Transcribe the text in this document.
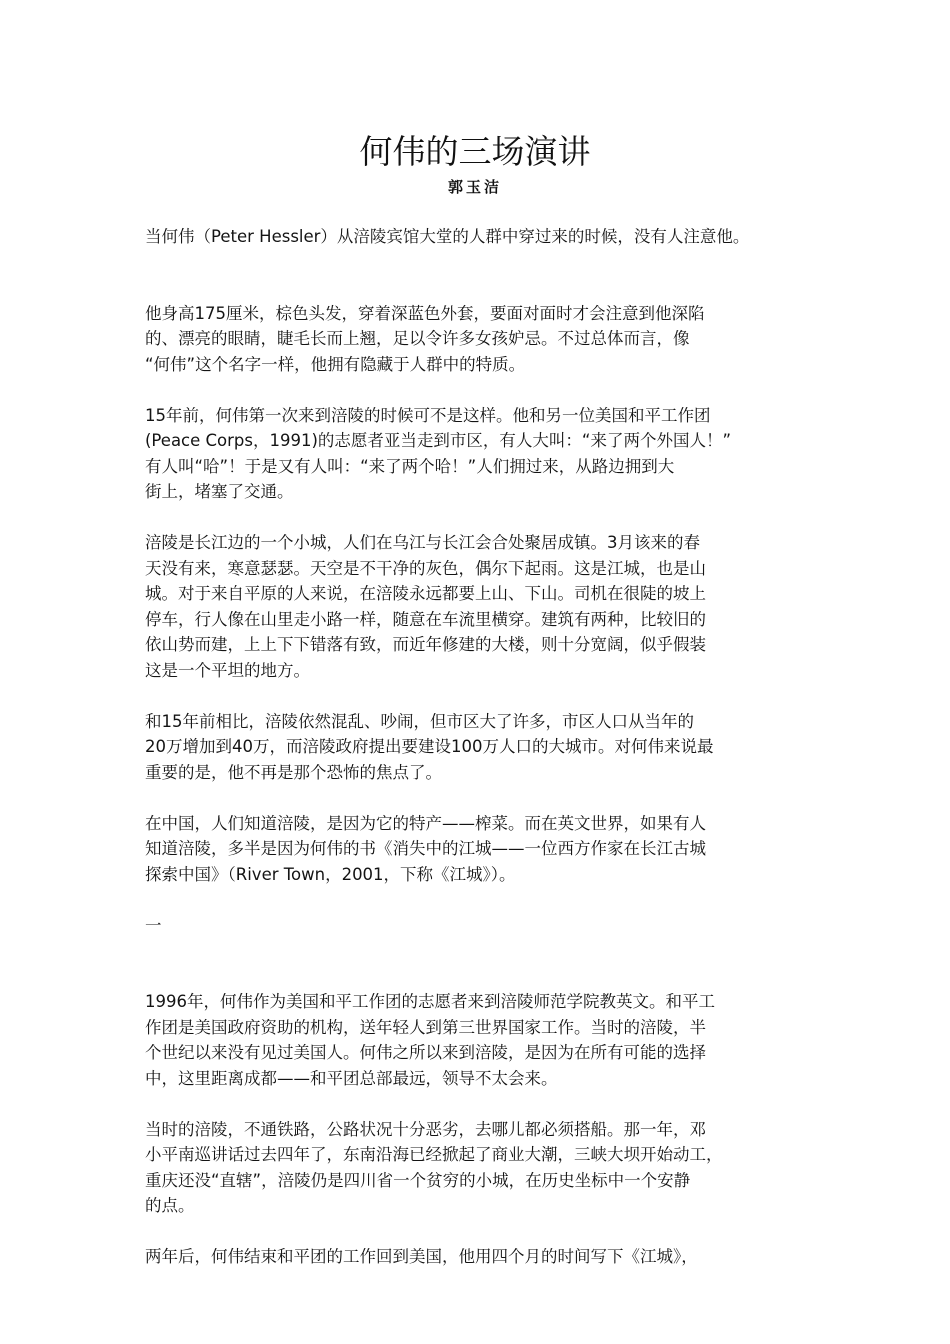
何伟的三场演讲
郭玉洁

当何伟（Peter Hessler）从涪陵宾馆大堂的人群中穿过来的时候，没有人注意他。

他身高175厘米，棕色头发，穿着深蓝色外套，要面对面时才会注意到他深陷
的、漂亮的眼睛，睫毛长而上翘，足以令许多女孩妒忌。不过总体而言，像
“何伟”这个名字一样，他拥有隐藏于人群中的特质。

15年前，何伟第一次来到涪陵的时候可不是这样。他和另一位美国和平工作团
(Peace Corps，1991)的志愿者亚当走到市区，有人大叫：“来了两个外国人！”
有人叫“哈”！于是又有人叫：“来了两个哈！”人们拥过来，从路边拥到大
街上，堵塞了交通。

涪陵是长江边的一个小城，人们在乌江与长江会合处聚居成镇。3月该来的春
天没有来，寒意瑟瑟。天空是不干净的灰色，偶尔下起雨。这是江城，也是山
城。对于来自平原的人来说，在涪陵永远都要上山、下山。司机在很陡的坡上
停车，行人像在山里走小路一样，随意在车流里横穿。建筑有两种，比较旧的
依山势而建，上上下下错落有致，而近年修建的大楼，则十分宽阔，似乎假装
这是一个平坦的地方。

和15年前相比，涪陵依然混乱、吵闹，但市区大了许多，市区人口从当年的
20万增加到40万，而涪陵政府提出要建设100万人口的大城市。对何伟来说最
重要的是，他不再是那个恐怖的焦点了。

在中国，人们知道涪陵，是因为它的特产——榨菜。而在英文世界，如果有人
知道涪陵，多半是因为何伟的书《消失中的江城——一位西方作家在长江古城
探索中国》（River Town，2001，下称《江城》）。

一

1996年，何伟作为美国和平工作团的志愿者来到涪陵师范学院教英文。和平工
作团是美国政府资助的机构，送年轻人到第三世界国家工作。当时的涪陵，半
个世纪以来没有见过美国人。何伟之所以来到涪陵，是因为在所有可能的选择
中，这里距离成都——和平团总部最远，领导不太会来。

当时的涪陵，不通铁路，公路状况十分恶劣，去哪儿都必须搭船。那一年，邓
小平南巡讲话过去四年了，东南沿海已经掀起了商业大潮，三峡大坝开始动工，
重庆还没“直辖”，涪陵仍是四川省一个贫穷的小城，在历史坐标中一个安静
的点。

两年后，何伟结束和平团的工作回到美国，他用四个月的时间写下《江城》，
